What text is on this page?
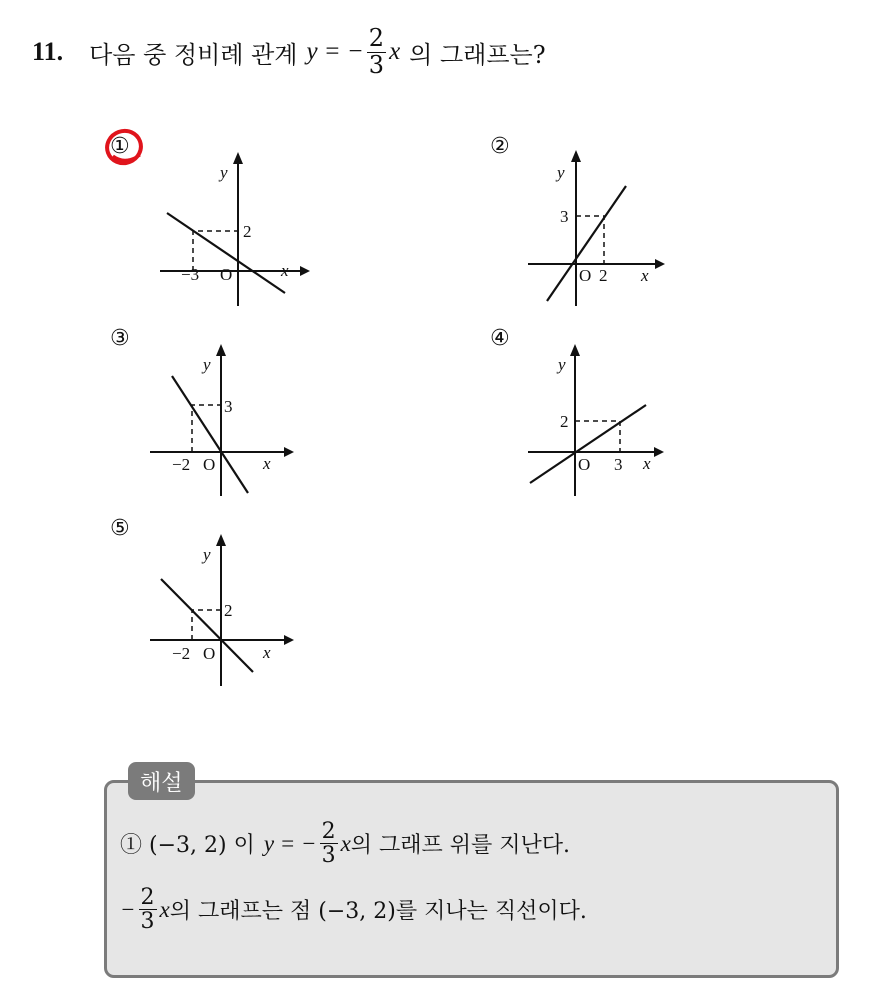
11. 다음 중 정비례 관계 y = − $\frac{2}{3}$ x 의 그래프는?
x
y
O
−3
2
①	②
x
y
O 2
3
③
x
y
O
−2
3
④
x
y
O 3
2
⑤
x
y
O
−2
2
해설
① (−3, 2) 이 y = − $\frac{2}{3}$ x 의 그래프 위를 지난다.
− $\frac{2}{3}$ x 의 그래프는 점 (−3, 2)를 지나는 직선이다.
